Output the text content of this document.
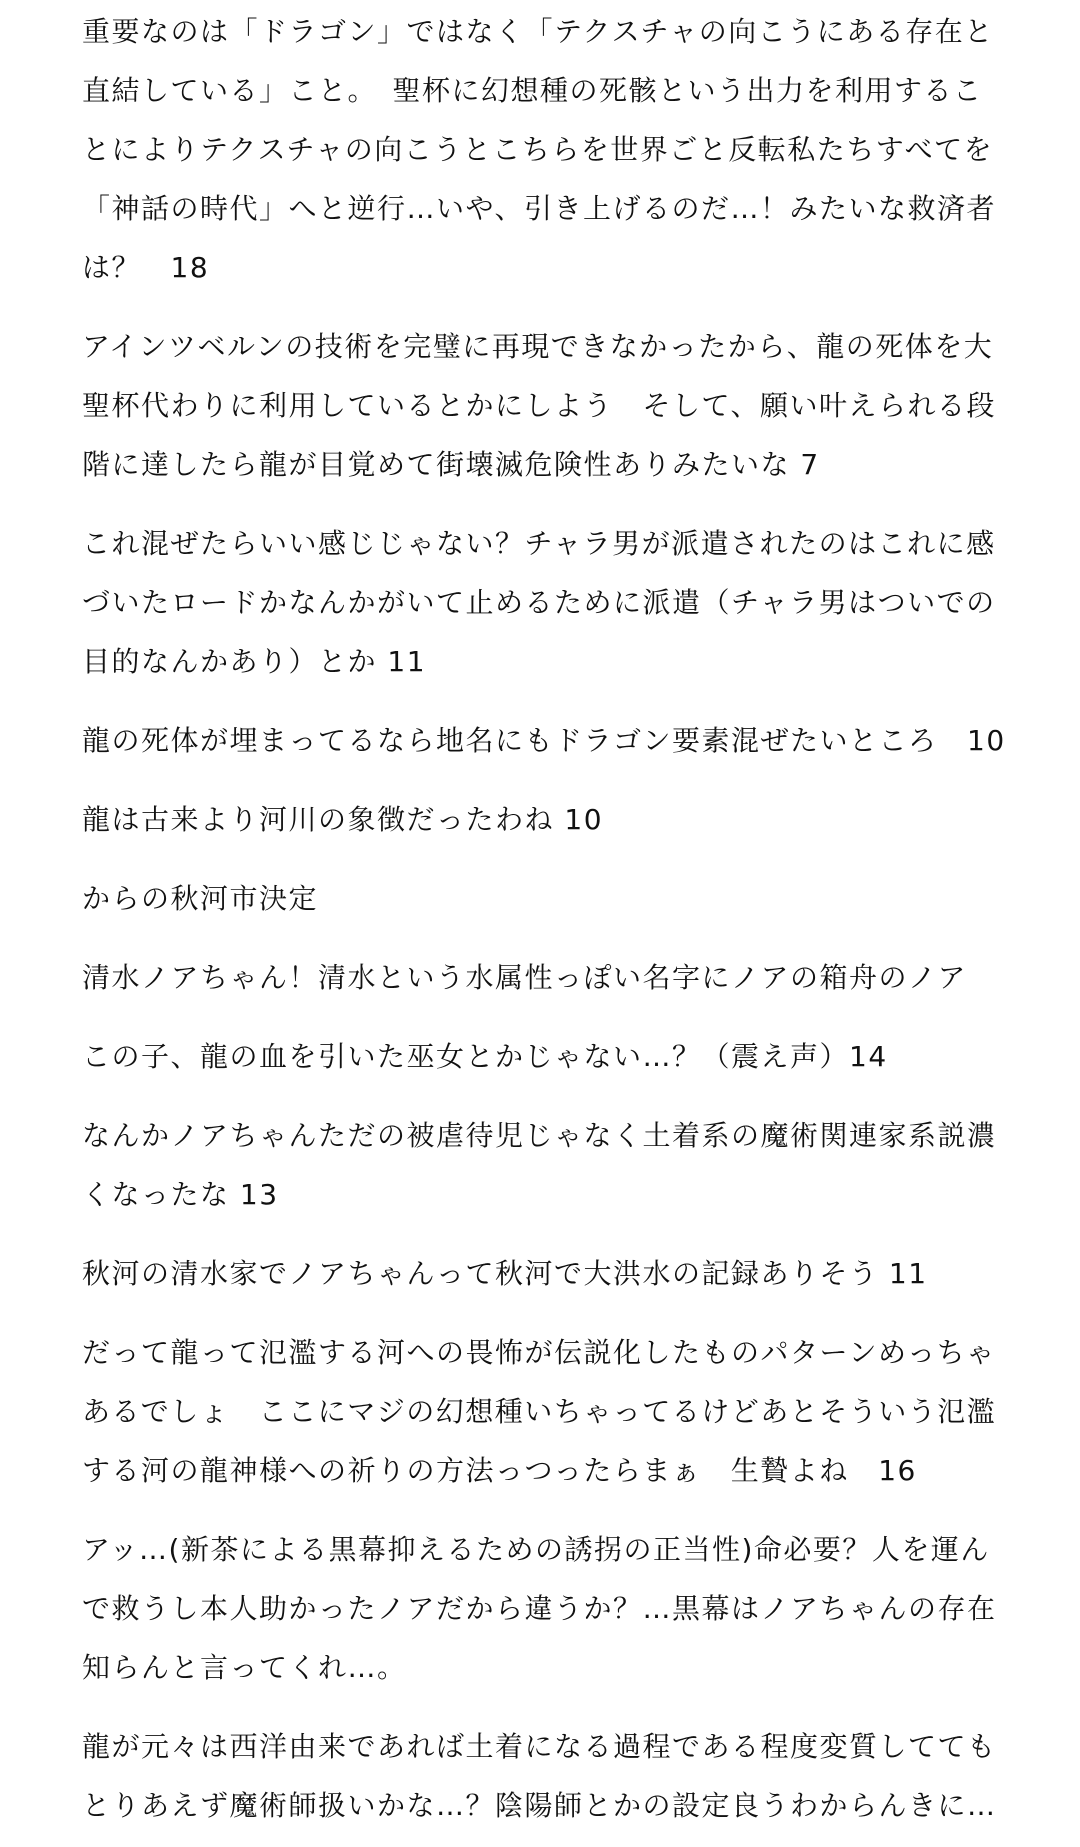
重要なのは「ドラゴン」ではなく「テクスチャの向こうにある存在と
直結している」こと。　聖杯に幻想種の死骸という出力を利用するこ
とによりテクスチャの向こうとこちらを世界ごと反転私たちすべてを
「神話の時代」へと逆行…いや、引き上げるのだ…！みたいな救済者
は？　18
アインツベルンの技術を完璧に再現できなかったから、龍の死体を大
聖杯代わりに利用しているとかにしよう　そして、願い叶えられる段
階に達したら龍が目覚めて街壊滅危険性ありみたいな 7
これ混ぜたらいい感じじゃない？チャラ男が派遣されたのはこれに感
づいたロードかなんかがいて止めるために派遣（チャラ男はついでの
目的なんかあり）とか 11
龍の死体が埋まってるなら地名にもドラゴン要素混ぜたいところ　10
龍は古来より河川の象徴だったわね 10
からの秋河市決定
清水ノアちゃん！清水という水属性っぽい名字にノアの箱舟のノア
この子、龍の血を引いた巫女とかじゃない…？（震え声）14
なんかノアちゃんただの被虐待児じゃなく土着系の魔術関連家系説濃
くなったな 13
秋河の清水家でノアちゃんって秋河で大洪水の記録ありそう 11
だって龍って氾濫する河への畏怖が伝説化したものパターンめっちゃ
あるでしょ　ここにマジの幻想種いちゃってるけどあとそういう氾濫
する河の龍神様への祈りの方法っつったらまぁ　生贄よね　16
アッ…(新茶による黒幕抑えるための誘拐の正当性)命必要？人を運ん
で救うし本人助かったノアだから違うか？…黒幕はノアちゃんの存在
知らんと言ってくれ…。
龍が元々は西洋由来であれば土着になる過程である程度変質してても
とりあえず魔術師扱いかな…？陰陽師とかの設定良うわからんきに…
